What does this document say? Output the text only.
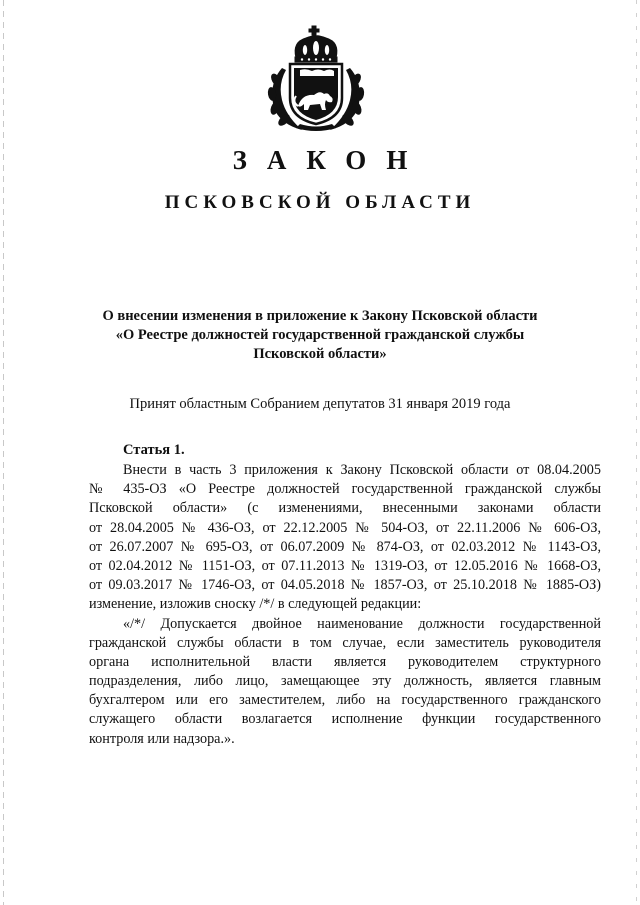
ЗАКОН
ПСКОВСКОЙ ОБЛАСТИ
О внесении изменения в приложение к Закону Псковской области
«О Реестре должностей государственной гражданской службы
Псковской области»
Принят областным Собранием депутатов 31 января 2019 года
Статья 1.
Внести в часть 3 приложения к Закону Псковской области от 08.04.2005
№ 435-ОЗ «О Реестре должностей государственной гражданской службы
Псковской области» (с изменениями, внесенными законами области
от 28.04.2005 № 436-ОЗ, от 22.12.2005 № 504-ОЗ, от 22.11.2006 № 606-ОЗ,
от 26.07.2007 № 695-ОЗ, от 06.07.2009 № 874-ОЗ, от 02.03.2012 № 1143-ОЗ,
от 02.04.2012 № 1151-ОЗ, от 07.11.2013 № 1319-ОЗ, от 12.05.2016 № 1668-ОЗ,
от 09.03.2017 № 1746-ОЗ, от 04.05.2018 № 1857-ОЗ, от 25.10.2018 № 1885-ОЗ)
изменение, изложив сноску /*/ в следующей редакции:
«/*/ Допускается двойное наименование должности государственной
гражданской службы области в том случае, если заместитель руководителя
органа исполнительной власти является руководителем структурного
подразделения, либо лицо, замещающее эту должность, является главным
бухгалтером или его заместителем, либо на государственного гражданского
служащего области возлагается исполнение функции государственного
контроля или надзора.».
